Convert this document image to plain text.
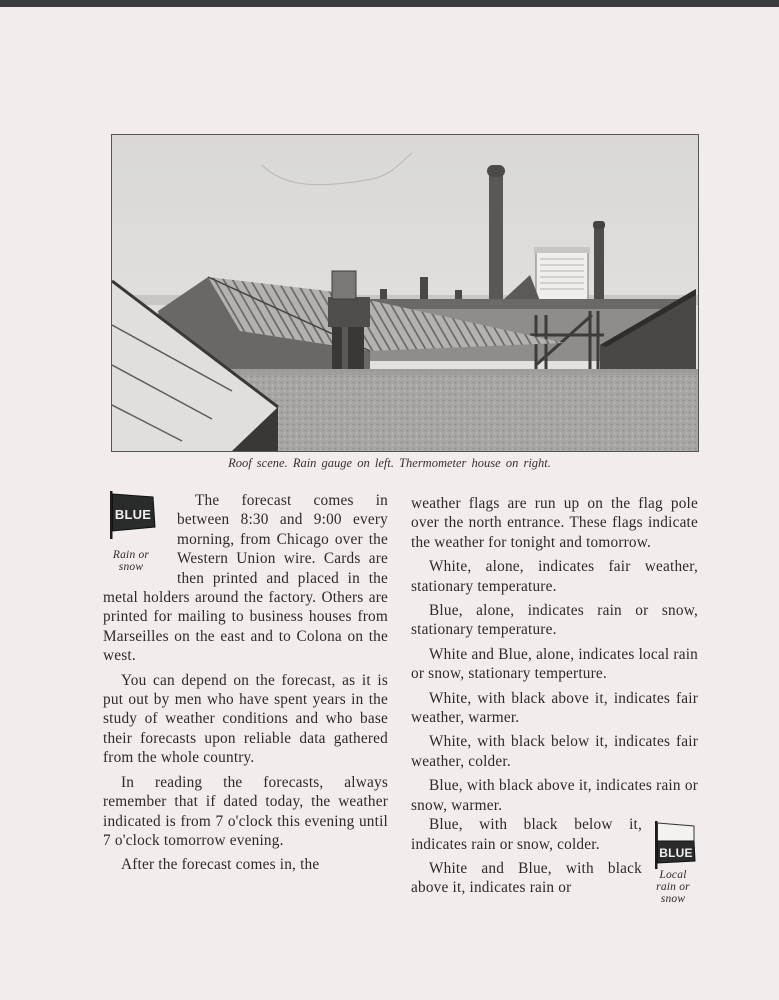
Roof scene. Rain gauge on left. Thermometer house on right.
BLUE
Rain or
snow

The forecast comes in between 8:30 and 9:00 every morning, from Chicago over the Western Union wire. Cards are then printed and placed in the metal holders around the factory. Others are printed for mailing to business houses from Marseilles on the east and to Colona on the west.

You can depend on the forecast, as it is put out by men who have spent years in the study of weather conditions and who base their forecasts upon reliable data gathered from the whole country.

In reading the forecasts, always remember that if dated today, the weather indicated is from 7 o'clock this evening until 7 o'clock tomorrow evening.

After the forecast comes in, the

weather flags are run up on the flag pole over the north entrance. These flags indicate the weather for tonight and tomorrow.

White, alone, indicates fair weather, stationary temperature.

Blue, alone, indicates rain or snow, stationary temperature.

White and Blue, alone, indicates local rain or snow, stationary temperture.

White, with black above it, indicates fair weather, warmer.

White, with black below it, indicates fair weather, colder.

Blue, with black above it, indicates rain or snow, warmer.

BLUE
Local
rain or
snow

Blue, with black below it, indicates rain or snow, colder.

White and Blue, with black above it, indicates rain or
